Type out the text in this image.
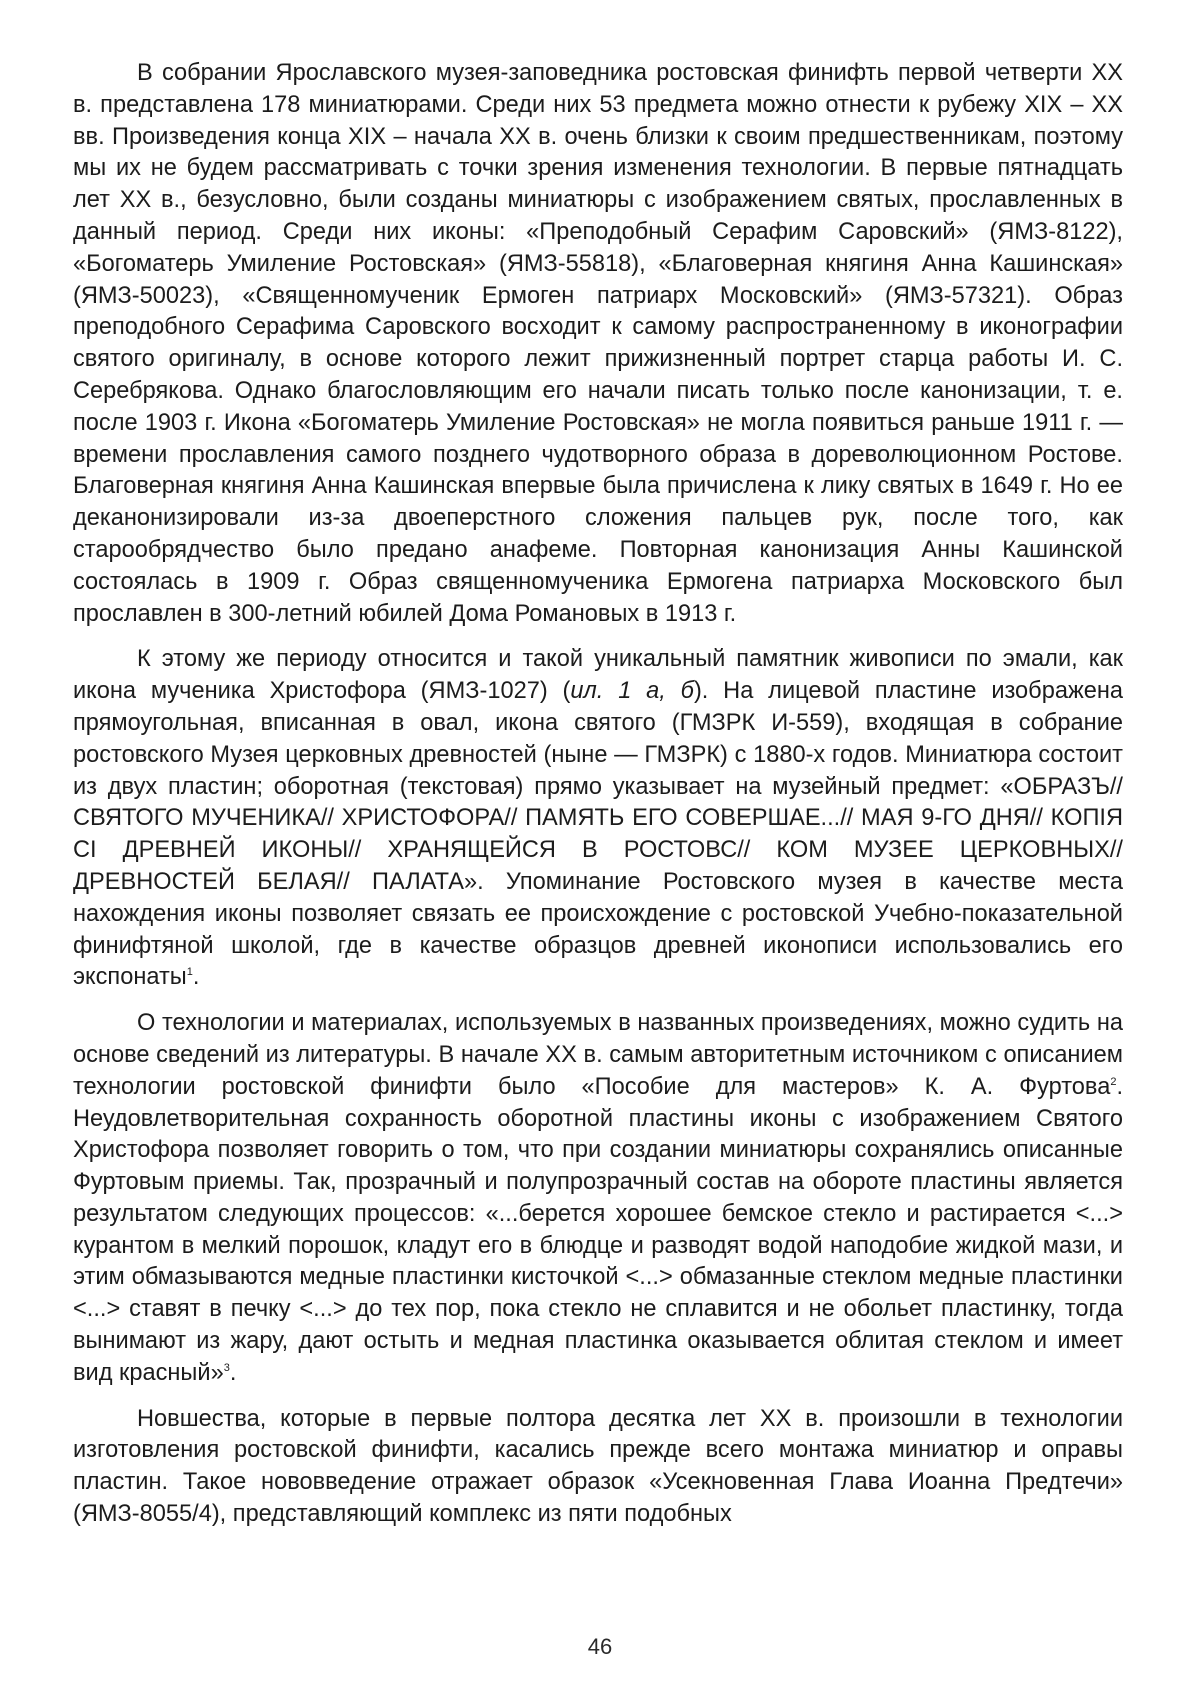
В собрании Ярославского музея-заповедника ростовская финифть первой четверти XX в. представлена 178 миниатюрами. Среди них 53 предмета можно отнести к рубежу XIX – XX вв. Произведения конца XIX – начала XX в. очень близки к своим предшественникам, поэтому мы их не будем рассматривать с точки зрения изменения технологии. В первые пятнадцать лет XX в., безусловно, были созданы миниатюры с изображением святых, прославленных в данный период. Среди них иконы: «Преподобный Серафим Саровский» (ЯМЗ-8122), «Богоматерь Умиление Ростовская» (ЯМЗ-55818), «Благоверная княгиня Анна Кашинская» (ЯМЗ-50023), «Священномученик Ермоген патриарх Московский» (ЯМЗ-57321). Образ преподобного Серафима Саровского восходит к самому распространенному в иконографии святого оригиналу, в основе которого лежит прижизненный портрет старца работы И. С. Серебрякова. Однако благословляющим его начали писать только после канонизации, т. е. после 1903 г. Икона «Богоматерь Умиление Ростовская» не могла появиться раньше 1911 г. — времени прославления самого позднего чудотворного образа в дореволюционном Ростове. Благоверная княгиня Анна Кашинская впервые была причислена к лику святых в 1649 г. Но ее деканонизировали из-за двоеперстного сложения пальцев рук, после того, как старообрядчество было предано анафеме. Повторная канонизация Анны Кашинской состоялась в 1909 г. Образ священномученика Ермогена патриарха Московского был прославлен в 300-летний юбилей Дома Романовых в 1913 г.

К этому же периоду относится и такой уникальный памятник живописи по эмали, как икона мученика Христофора (ЯМЗ-1027) (ил. 1 а, б). На лицевой пластине изображена прямоугольная, вписанная в овал, икона святого (ГМЗРК И-559), входящая в собрание ростовского Музея церковных древностей (ныне — ГМЗРК) с 1880-х годов. Миниатюра состоит из двух пластин; оборотная (текстовая) прямо указывает на музейный предмет: «ОБРАЗЪ// СВЯТОГО МУЧЕНИКА// ХРИСТОФОРА// ПАМЯТЬ ЕГО СОВЕРШАЕ...// МАЯ 9-ГО ДНЯ// КОПІЯ СІ ДРЕВНЕЙ ИКОНЫ// ХРАНЯЩЕЙСЯ В РОСТОВС// КОМ МУЗЕЕ ЦЕРКОВНЫХ// ДРЕВНОСТЕЙ БЕЛАЯ// ПАЛАТА». Упоминание Ростовского музея в качестве места нахождения иконы позволяет связать ее происхождение с ростовской Учебно-показательной финифтяной школой, где в качестве образцов древней иконописи использовались его экспонаты$^1$.

О технологии и материалах, используемых в названных произведениях, можно судить на основе сведений из литературы. В начале XX в. самым авторитетным источником с описанием технологии ростовской финифти было «Пособие для мастеров» К. А. Фуртова$^2$. Неудовлетворительная сохранность оборотной пластины иконы с изображением Святого Христофора позволяет говорить о том, что при создании миниатюры сохранялись описанные Фуртовым приемы. Так, прозрачный и полупрозрачный состав на обороте пластины является результатом следующих процессов: «...берется хорошее бемское стекло и растирается <...> курантом в мелкий порошок, кладут его в блюдце и разводят водой наподобие жидкой мази, и этим обмазываются медные пластинки кисточкой <...> обмазанные стеклом медные пластинки <...> ставят в печку <...> до тех пор, пока стекло не сплавится и не обольет пластинку, тогда вынимают из жару, дают остыть и медная пластинка оказывается облитая стеклом и имеет вид красный»$^3$.

Новшества, которые в первые полтора десятка лет XX в. произошли в технологии изготовления ростовской финифти, касались прежде всего монтажа миниатюр и оправы пластин. Такое нововведение отражает образок «Усекновенная Глава Иоанна Предтечи» (ЯМЗ-8055/4), представляющий комплекс из пяти подобных

46
